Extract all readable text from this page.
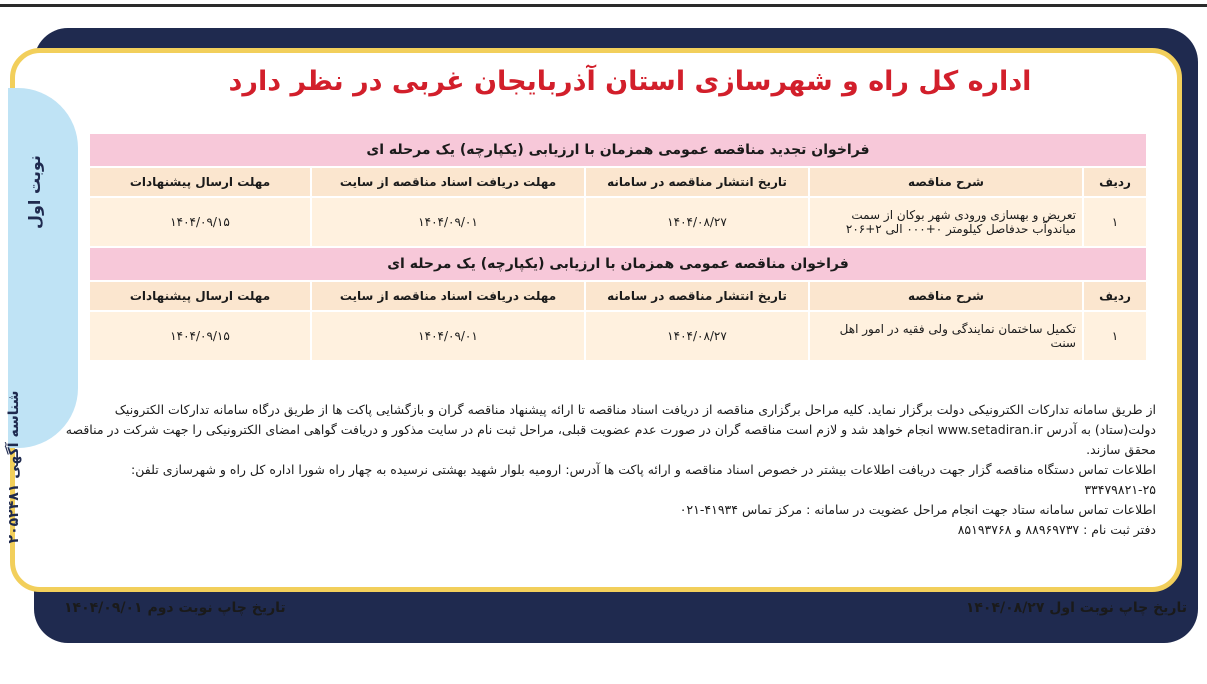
نوبت اول
شناسه آگهی ۲۰۵۲۴۸۱
اداره کل راه و شهرسازی استان آذربایجان غربی در نظر دارد
فراخوان تجدید مناقصه عمومی همزمان با ارزیابی (یکپارچه) یک مرحله ای				
ردیف	شرح مناقصه	تاریخ انتشار مناقصه در سامانه	مهلت دریافت اسناد مناقصه از سایت	مهلت ارسال پیشنهادات
۱	تعریض و بهسازی ورودی شهر بوکان از سمت میاندوآب حدفاصل کیلومتر ۰+۰۰۰ الی ۲+۲۰۶	۱۴۰۴/۰۸/۲۷	۱۴۰۴/۰۹/۰۱	۱۴۰۴/۰۹/۱۵
فراخوان مناقصه عمومی همزمان با ارزیابی (یکپارچه) یک مرحله ای				
ردیف	شرح مناقصه	تاریخ انتشار مناقصه در سامانه	مهلت دریافت اسناد مناقصه از سایت	مهلت ارسال پیشنهادات
۱	تکمیل ساختمان نمایندگی ولی فقیه در امور اهل سنت	۱۴۰۴/۰۸/۲۷	۱۴۰۴/۰۹/۰۱	۱۴۰۴/۰۹/۱۵

از طریق سامانه تدارکات الکترونیکی دولت برگزار نماید. کلیه مراحل برگزاری مناقصه از دریافت اسناد مناقصه تا ارائه پیشنهاد مناقصه گران و بازگشایی پاکت ها از طریق درگاه سامانه تدارکات الکترونیک دولت(ستاد) به آدرس www.setadiran.ir انجام خواهد شد و لازم است مناقصه گران در صورت عدم عضویت قبلی، مراحل ثبت نام در سایت مذکور و دریافت گواهی امضای الکترونیکی را جهت شرکت در مناقصه محقق سازند.

اطلاعات تماس دستگاه مناقصه گزار جهت دریافت اطلاعات بیشتر در خصوص اسناد مناقصه و ارائه پاکت ها آدرس: ارومیه بلوار شهید بهشتی نرسیده به چهار راه شورا اداره کل راه و شهرسازی تلفن: ۲۵-۳۳۴۷۹۸۲۱

اطلاعات تماس سامانه ستاد جهت انجام مراحل عضویت در سامانه : مرکز تماس ۴۱۹۳۴-۰۲۱

دفتر ثبت نام : ۸۸۹۶۹۷۳۷ و ۸۵۱۹۳۷۶۸

تاریخ چاپ نوبت اول ۱۴۰۴/۰۸/۲۷
تاریخ چاپ نوبت دوم ۱۴۰۴/۰۹/۰۱
